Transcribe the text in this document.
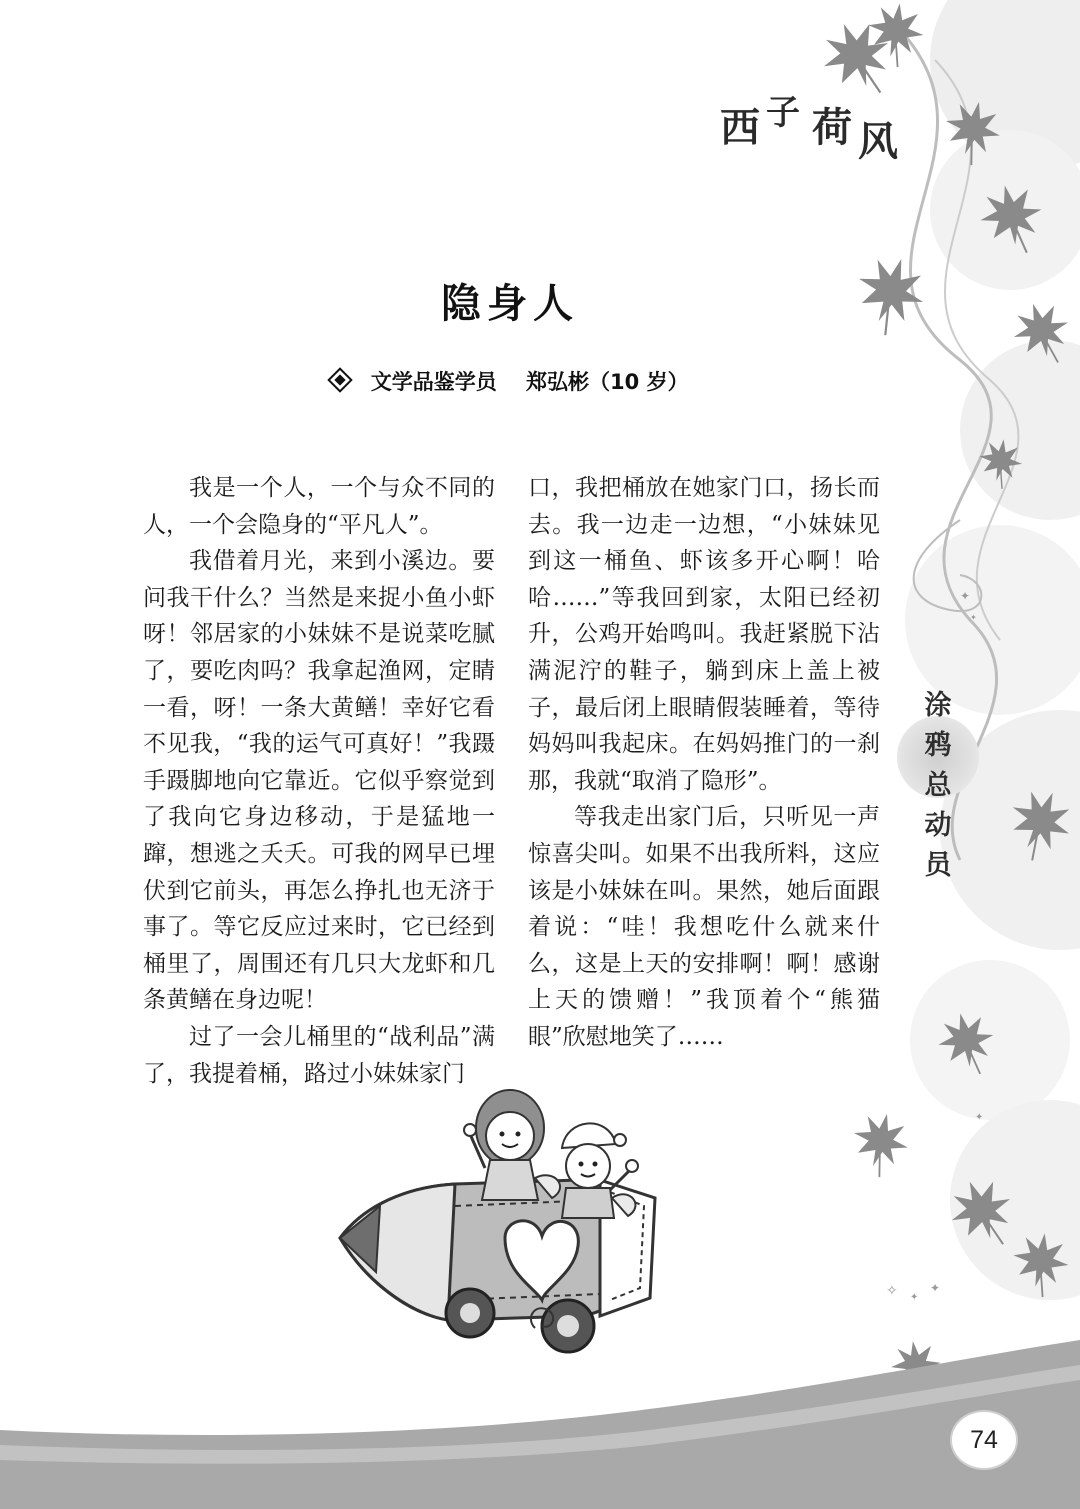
✦
✦
✦
✧ ✦
✦
西 子 荷 风
隐身人
文学品鉴学员 郑弘彬（10 岁）

我是一个人，一个与众不同的人，一个会隐身的“平凡人”。

我借着月光，来到小溪边。要问我干什么？当然是来捉小鱼小虾呀！邻居家的小妹妹不是说菜吃腻了，要吃肉吗？我拿起渔网，定睛一看，呀！一条大黄鳝！幸好它看不见我，“我的运气可真好！”我蹑手蹑脚地向它靠近。它似乎察觉到了我向它身边移动，于是猛地一蹿，想逃之夭夭。可我的网早已埋伏到它前头，再怎么挣扎也无济于事了。等它反应过来时，它已经到桶里了，周围还有几只大龙虾和几条黄鳝在身边呢！

过了一会儿桶里的“战利品”满了，我提着桶，路过小妹妹家门

口，我把桶放在她家门口，扬长而去。我一边走一边想，“小妹妹见到这一桶鱼、虾该多开心啊！哈哈……”等我回到家，太阳已经初升，公鸡开始鸣叫。我赶紧脱下沾满泥泞的鞋子，躺到床上盖上被子，最后闭上眼睛假装睡着，等待妈妈叫我起床。在妈妈推门的一刹那，我就“取消了隐形”。

等我走出家门后，只听见一声惊喜尖叫。如果不出我所料，这应该是小妹妹在叫。果然，她后面跟着说：“哇！我想吃什么就来什么，这是上天的安排啊！啊！感谢上天的馈赠！”我顶着个“熊猫眼”欣慰地笑了……

涂鸦总动员
74
